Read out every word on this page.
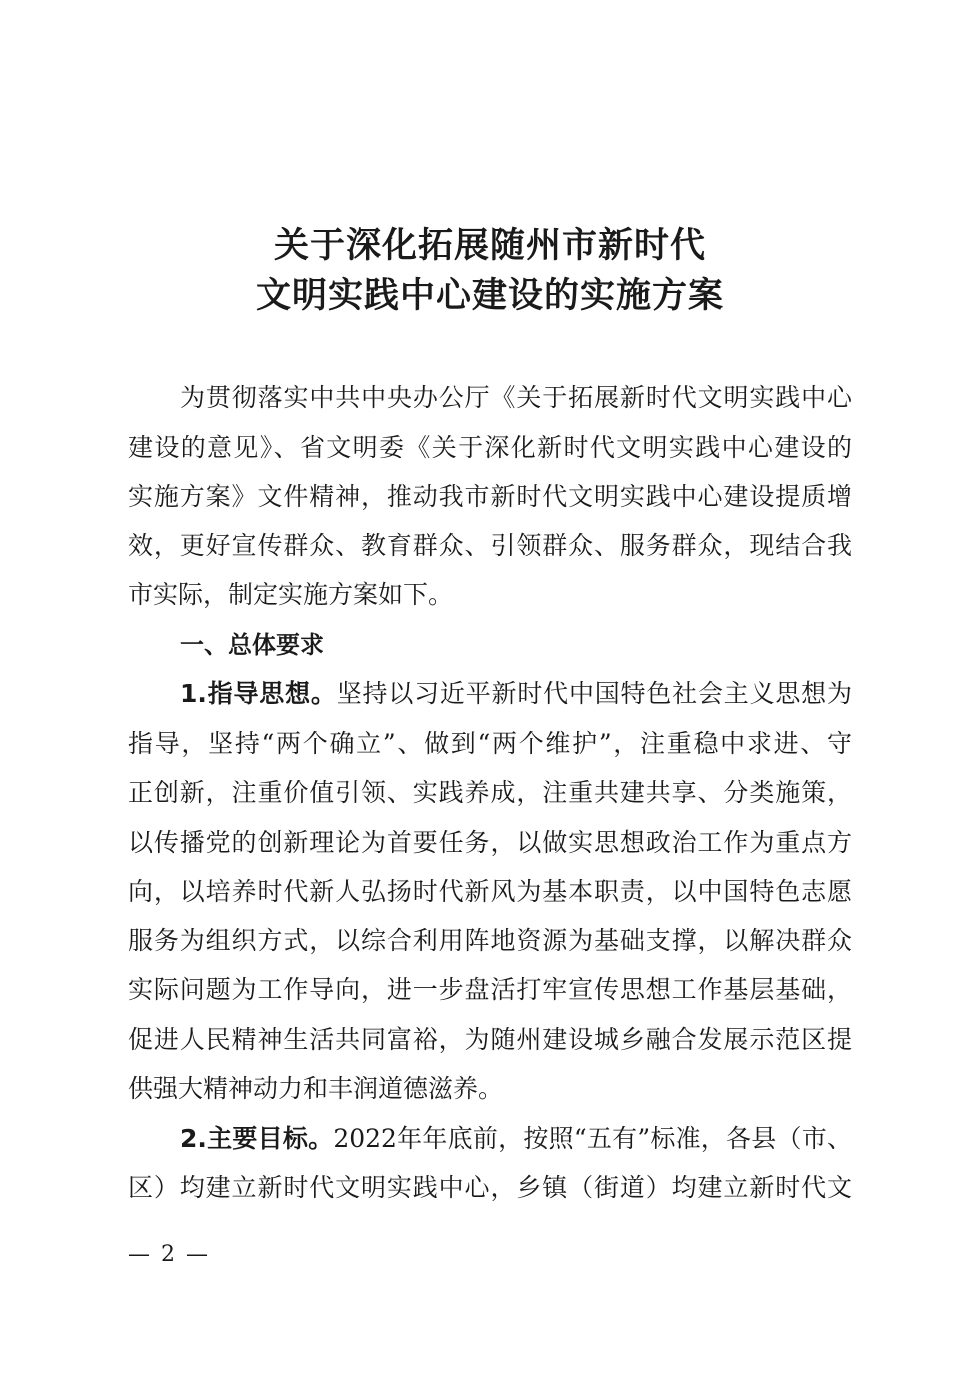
关于深化拓展随州市新时代
文明实践中心建设的实施方案

为贯彻落实中共中央办公厅《关于拓展新时代文明实践中心

建设的意见》、省文明委《关于深化新时代文明实践中心建设的

实施方案》文件精神，推动我市新时代文明实践中心建设提质增

效，更好宣传群众、教育群众、引领群众、服务群众，现结合我

市实际，制定实施方案如下。

一、总体要求

1.指导思想。坚持以习近平新时代中国特色社会主义思想为

指导，坚持“两个确立”、做到“两个维护”，注重稳中求进、守

正创新，注重价值引领、实践养成，注重共建共享、分类施策，

以传播党的创新理论为首要任务，以做实思想政治工作为重点方

向，以培养时代新人弘扬时代新风为基本职责，以中国特色志愿

服务为组织方式，以综合利用阵地资源为基础支撑，以解决群众

实际问题为工作导向，进一步盘活打牢宣传思想工作基层基础，

促进人民精神生活共同富裕，为随州建设城乡融合发展示范区提

供强大精神动力和丰润道德滋养。

2.主要目标。2022年年底前，按照“五有”标准，各县（市、

区）均建立新时代文明实践中心，乡镇（街道）均建立新时代文

— 2 —
